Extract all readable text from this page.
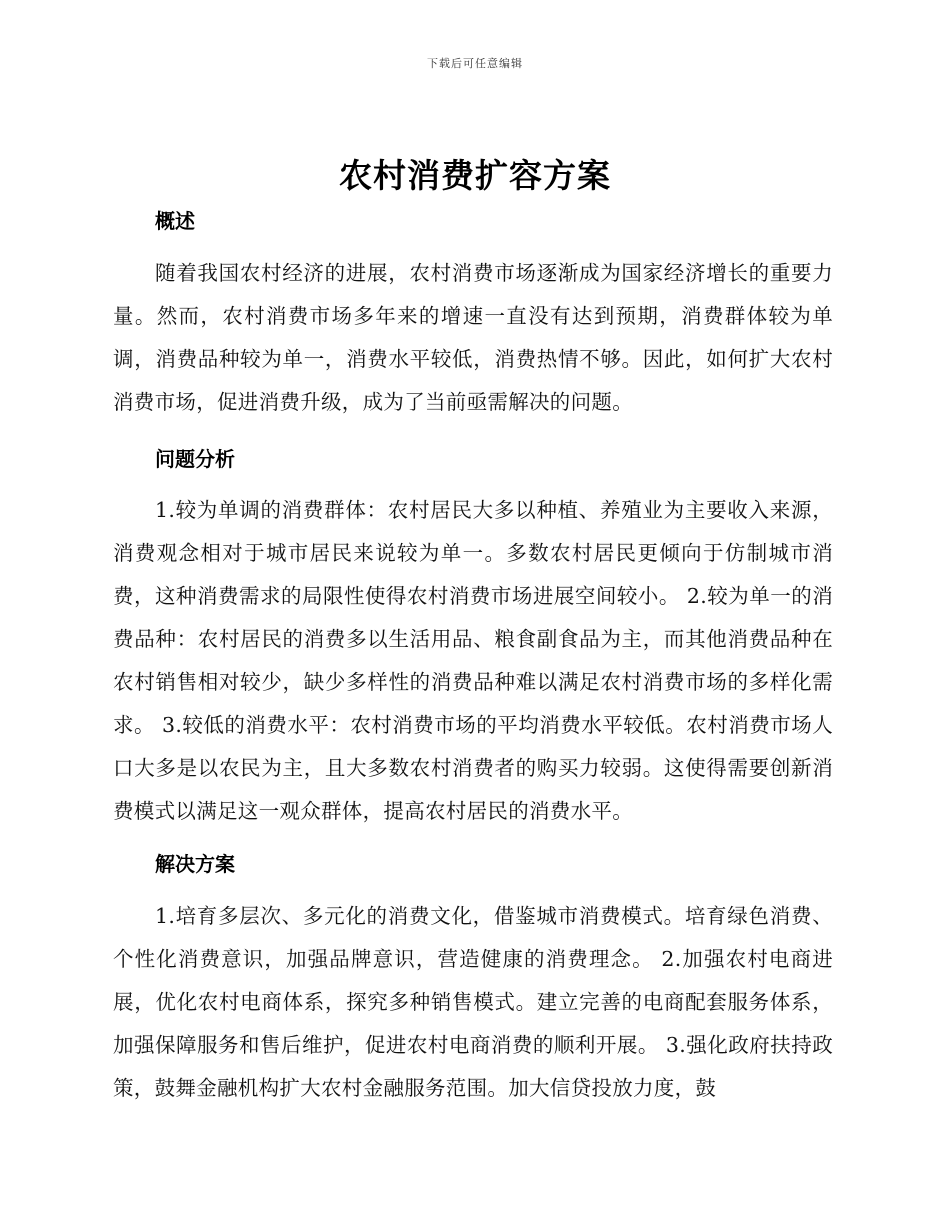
下载后可任意编辑
农村消费扩容方案
概述
随着我国农村经济的进展，农村消费市场逐渐成为国家经济增长的重要力量。然而，农村消费市场多年来的增速一直没有达到预期，消费群体较为单调，消费品种较为单一，消费水平较低，消费热情不够。因此，如何扩大农村消费市场，促进消费升级，成为了当前亟需解决的问题。
问题分析
1.较为单调的消费群体：农村居民大多以种植、养殖业为主要收入来源，消费观念相对于城市居民来说较为单一。多数农村居民更倾向于仿制城市消费，这种消费需求的局限性使得农村消费市场进展空间较小。 2.较为单一的消费品种：农村居民的消费多以生活用品、粮食副食品为主，而其他消费品种在农村销售相对较少，缺少多样性的消费品种难以满足农村消费市场的多样化需求。 3.较低的消费水平：农村消费市场的平均消费水平较低。农村消费市场人口大多是以农民为主，且大多数农村消费者的购买力较弱。这使得需要创新消费模式以满足这一观众群体，提高农村居民的消费水平。
解决方案
1.培育多层次、多元化的消费文化，借鉴城市消费模式。培育绿色消费、个性化消费意识，加强品牌意识，营造健康的消费理念。 2.加强农村电商进展，优化农村电商体系，探究多种销售模式。建立完善的电商配套服务体系，加强保障服务和售后维护，促进农村电商消费的顺利开展。 3.强化政府扶持政策，鼓舞金融机构扩大农村金融服务范围。加大信贷投放力度，鼓
